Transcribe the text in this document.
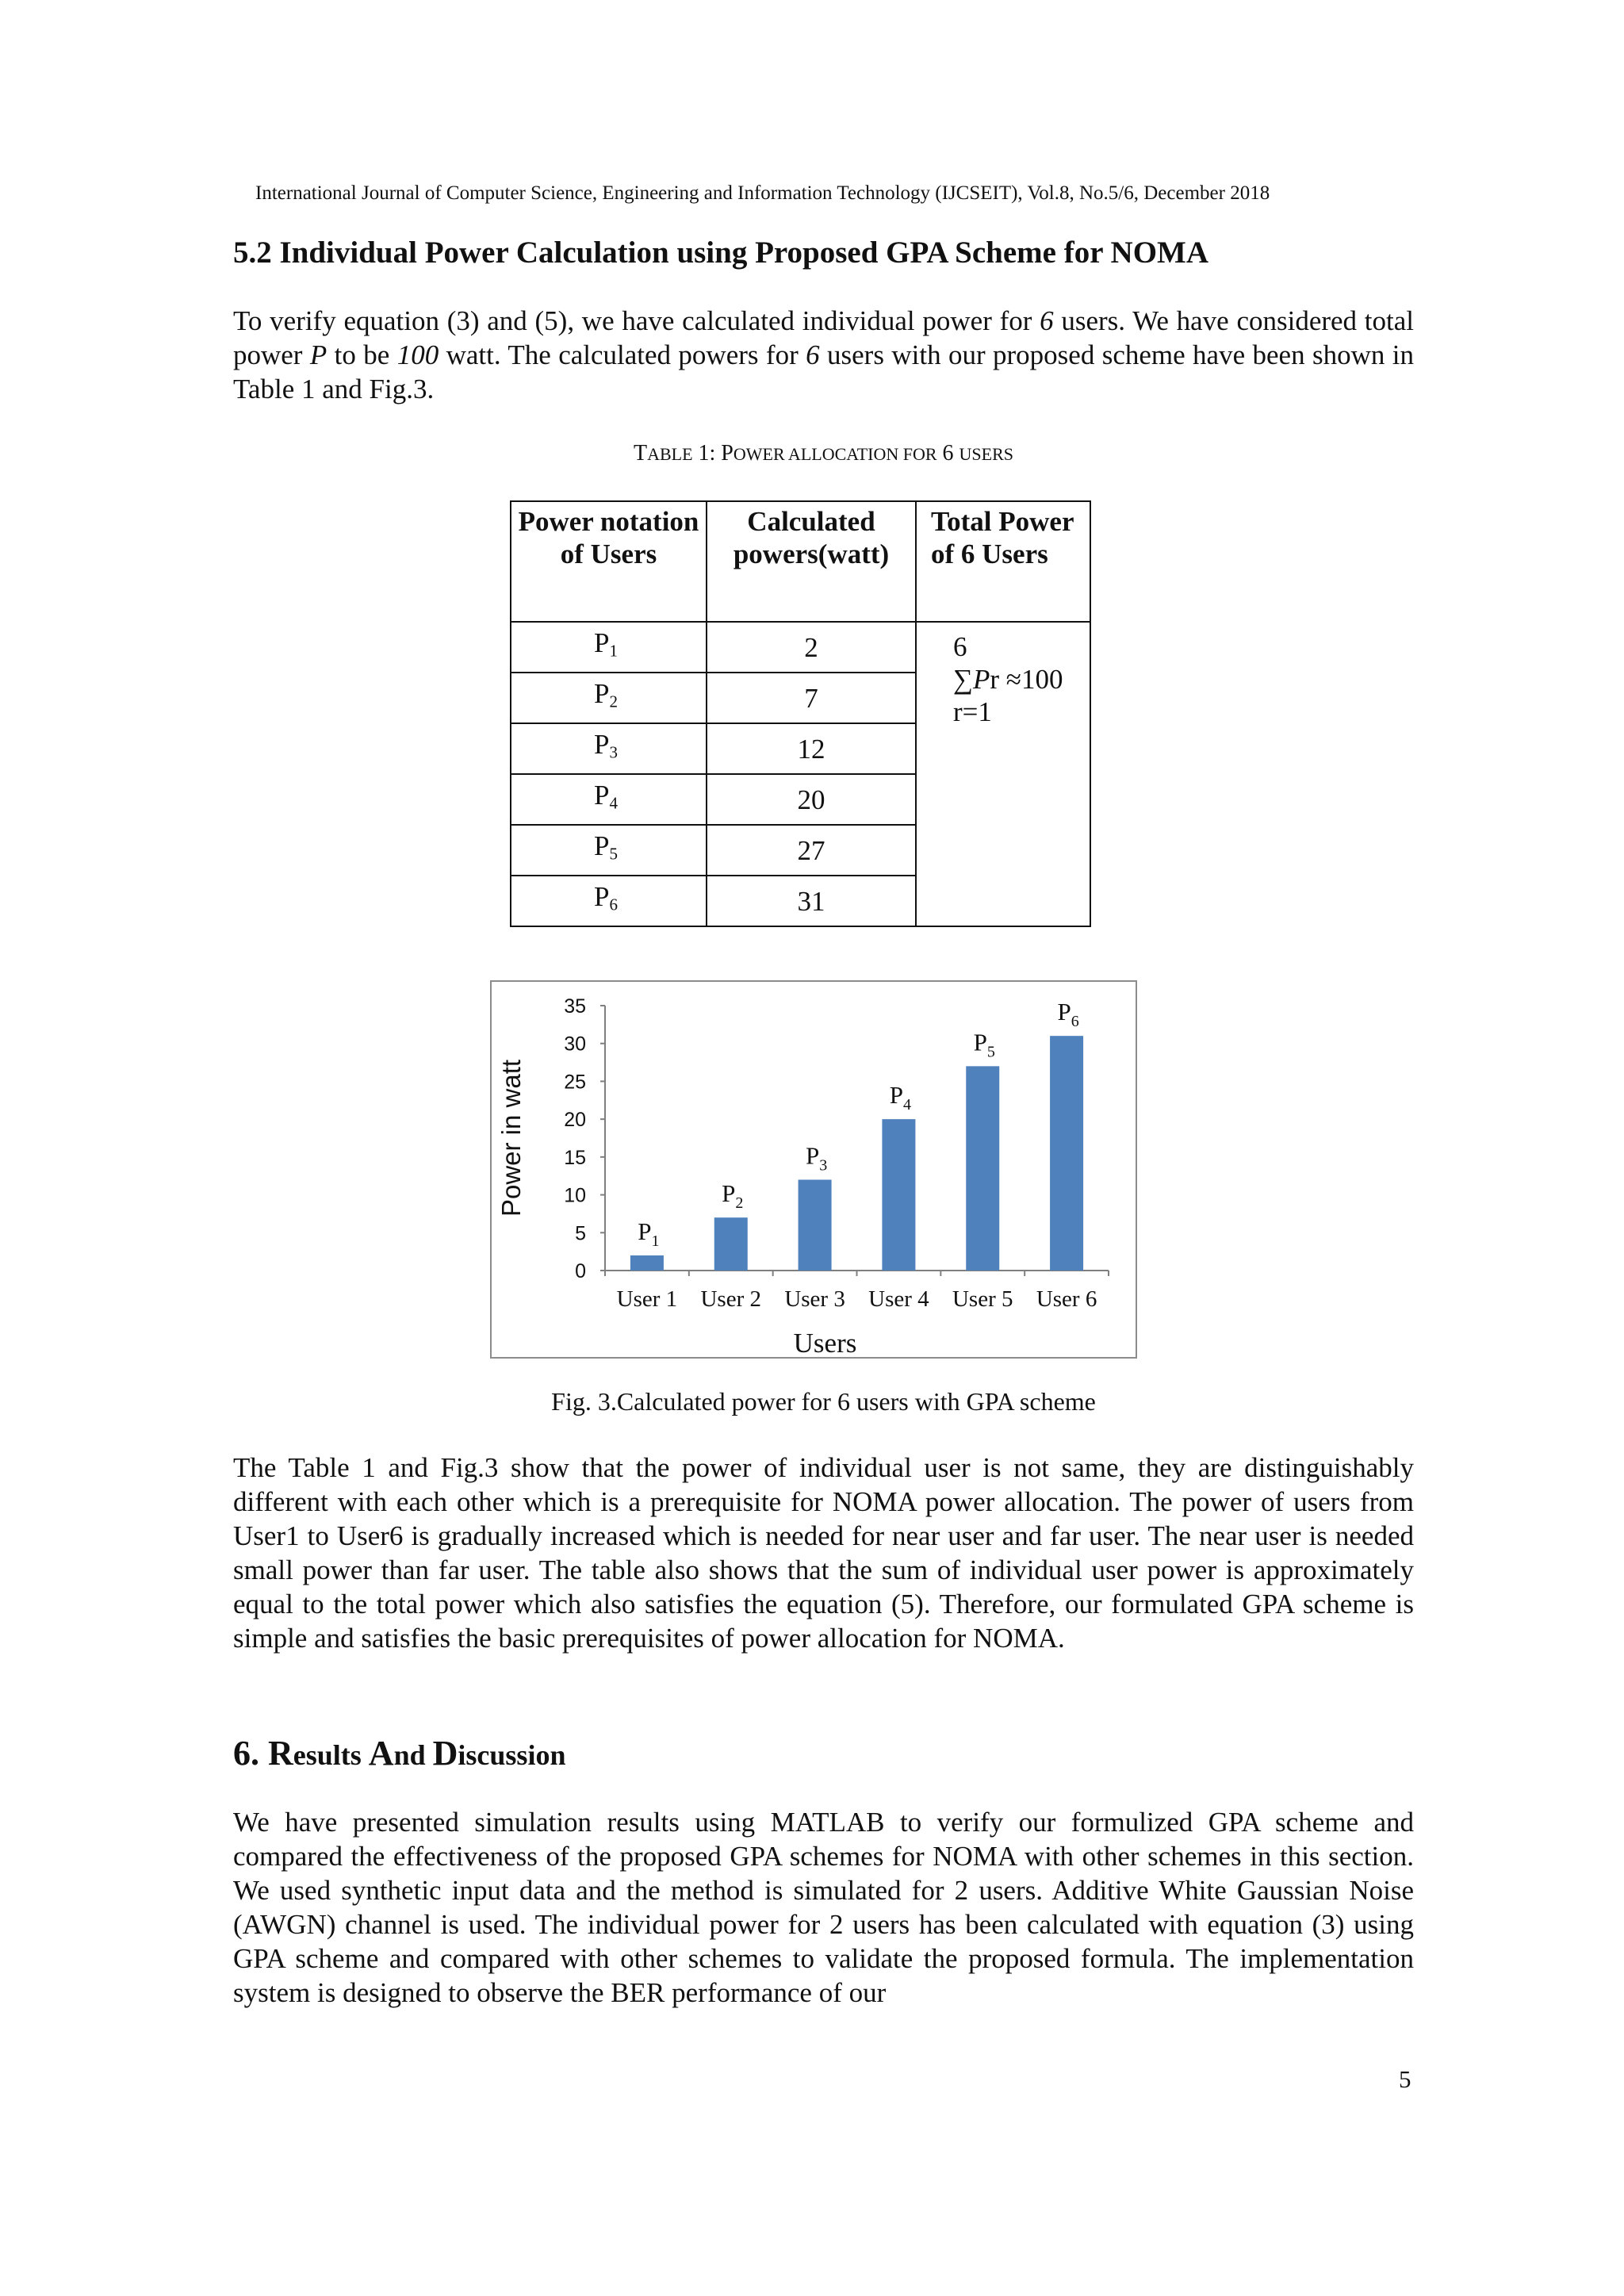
International Journal of Computer Science, Engineering and Information Technology (IJCSEIT), Vol.8, No.5/6, December 2018
5.2 Individual Power Calculation using Proposed GPA Scheme for NOMA

To verify equation (3) and (5), we have calculated individual power for 6 users. We have considered total power P to be 100 watt. The calculated powers for 6 users with our proposed scheme have been shown in Table 1 and Fig.3.

TABLE 1: POWER ALLOCATION FOR 6 USERS
Power notation of Users	Calculated powers(watt)	Total Power of 6 Users
$P_1$	2	6
∑Pr ≈100
r=1

$P_2$	7	
$P_3$	12	
$P_4$	20	
$P_5$	27	
$P_6$	31	
0
5
10
15
20
25
30
35
$P_1$
User 1
$P_2$
User 2
$P_3$
User 3
$P_4$
User 4
$P_5$
User 5
$P_6$
User 6
Users
Power in watt
Fig. 3.Calculated power for 6 users with GPA scheme

The Table 1 and Fig.3 show that the power of individual user is not same, they are distinguishably different with each other which is a prerequisite for NOMA power allocation. The power of users from User1 to User6 is gradually increased which is needed for near user and far user. The near user is needed small power than far user. The table also shows that the sum of individual user power is approximately equal to the total power which also satisfies the equation (5). Therefore, our formulated GPA scheme is simple and satisfies the basic prerequisites of power allocation for NOMA.

6. Results And Discussion

We have presented simulation results using MATLAB to verify our formulized GPA scheme and compared the effectiveness of the proposed GPA schemes for NOMA with other schemes in this section. We used synthetic input data and the method is simulated for 2 users. Additive White Gaussian Noise (AWGN) channel is used. The individual power for 2 users has been calculated with equation (3) using GPA scheme and compared with other schemes to validate the proposed formula. The implementation system is designed to observe the BER performance of our

5
